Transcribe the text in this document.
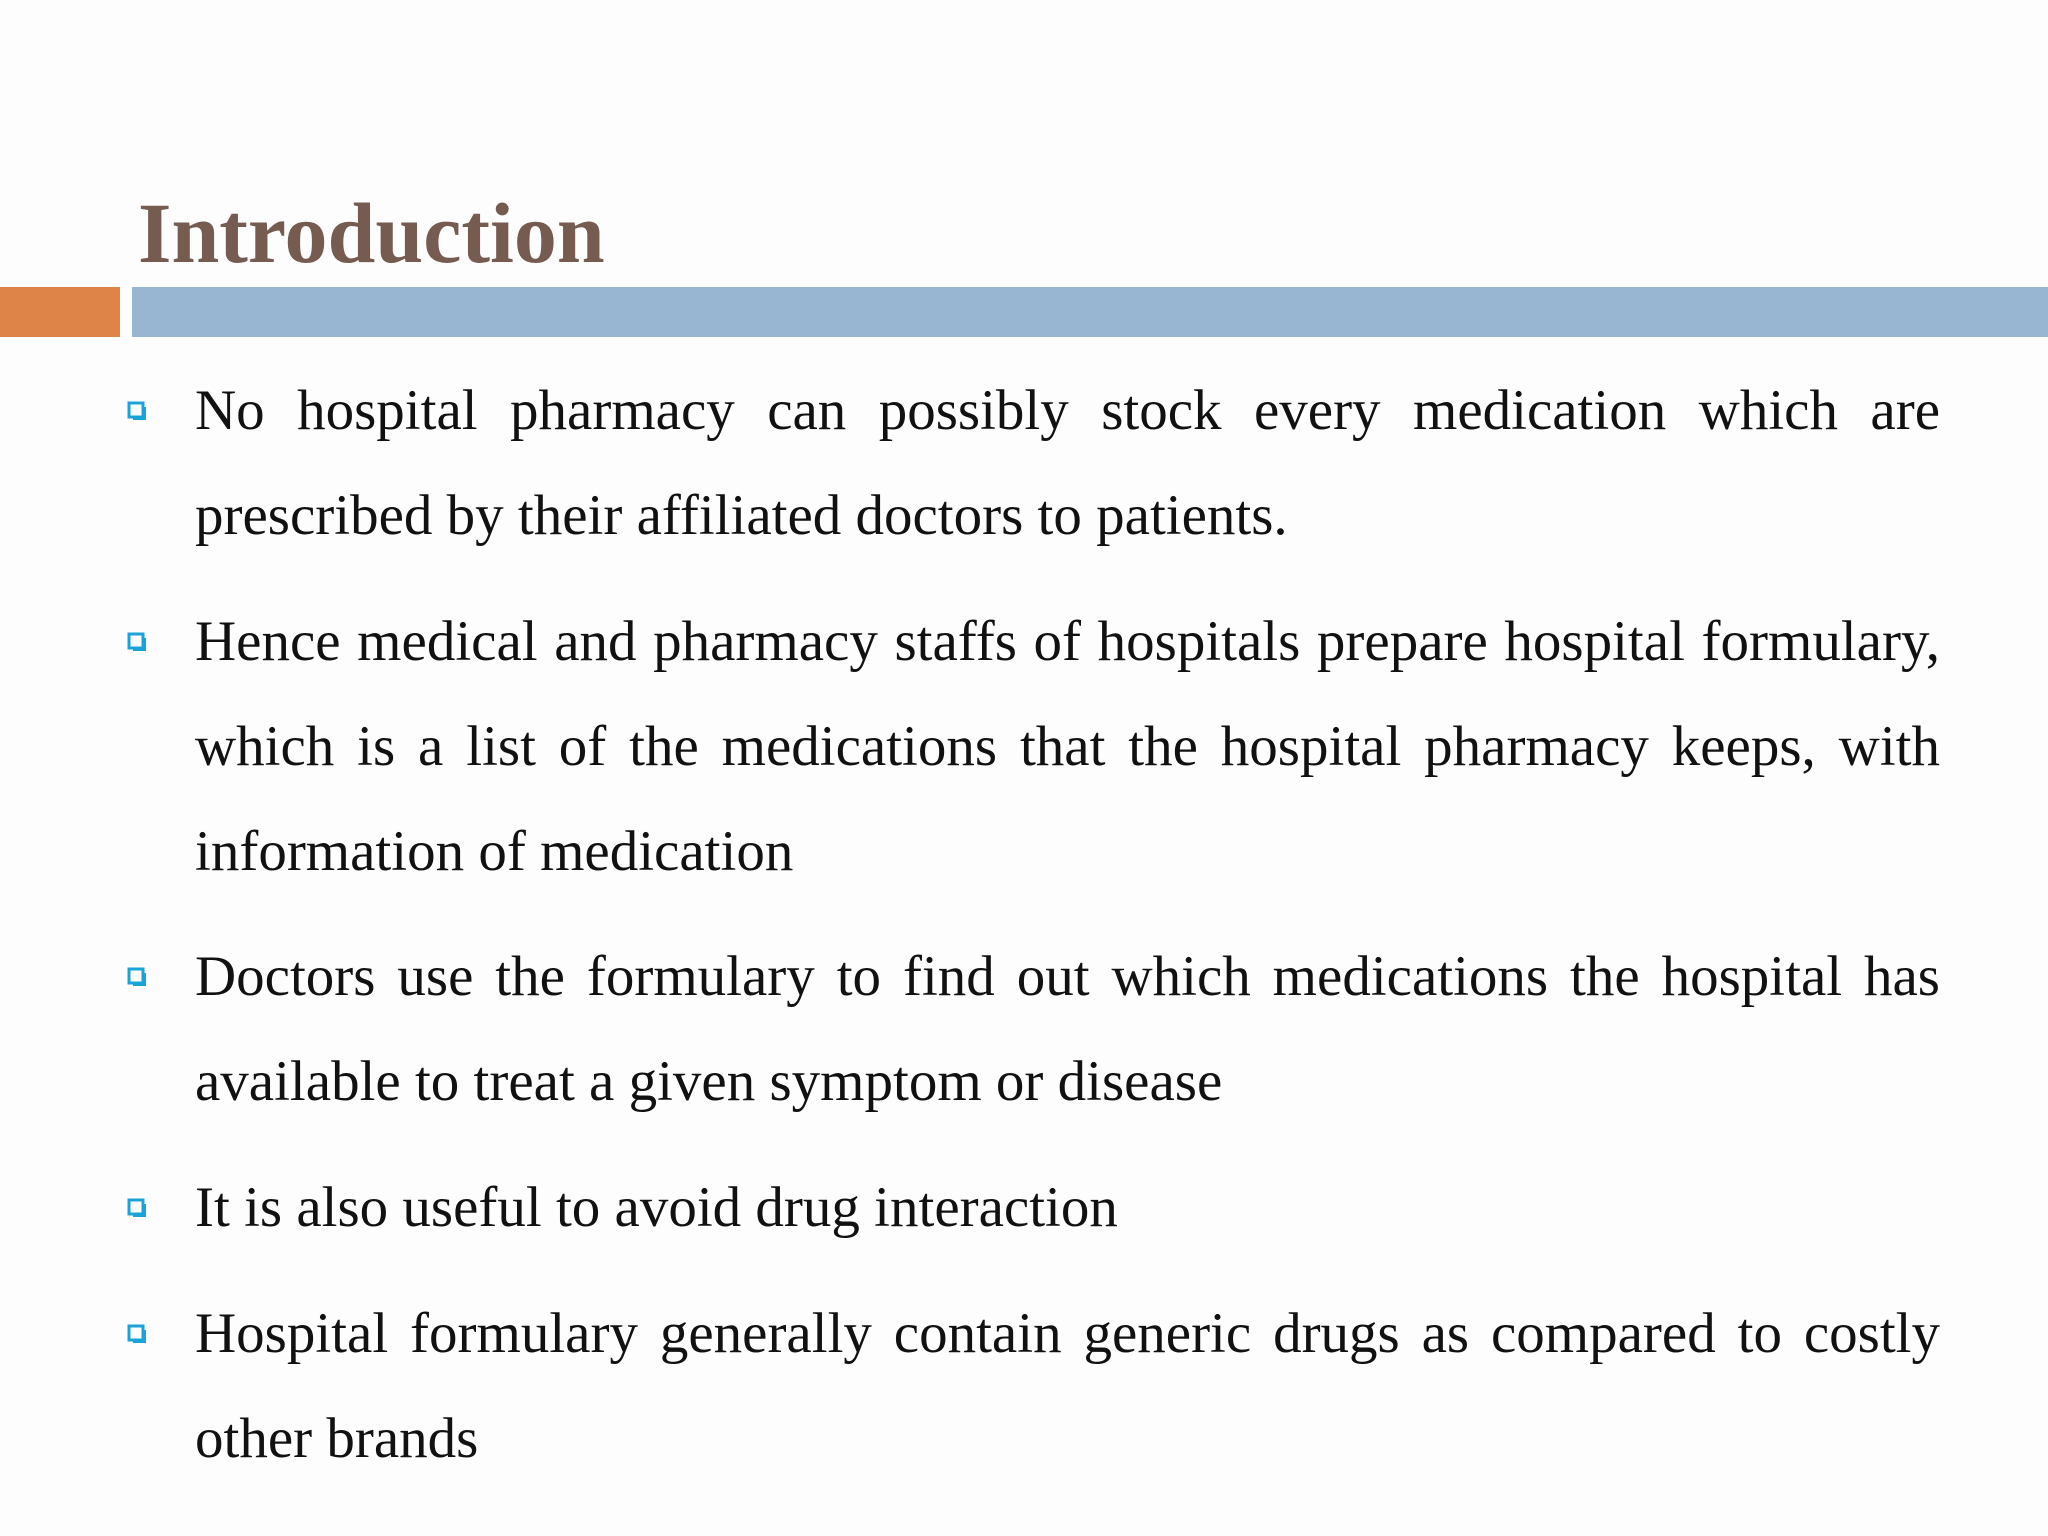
Introduction
No hospital pharmacy can possibly stock every medication which are prescribed by their affiliated doctors to patients.
Hence medical and pharmacy staffs of hospitals prepare hospital formulary, which is a list of the medications that the hospital pharmacy keeps, with information of medication
Doctors use the formulary to find out which medications the hospital has available to treat a given symptom or disease
It is also useful to avoid drug interaction
Hospital formulary generally contain generic drugs as compared to costly other brands
